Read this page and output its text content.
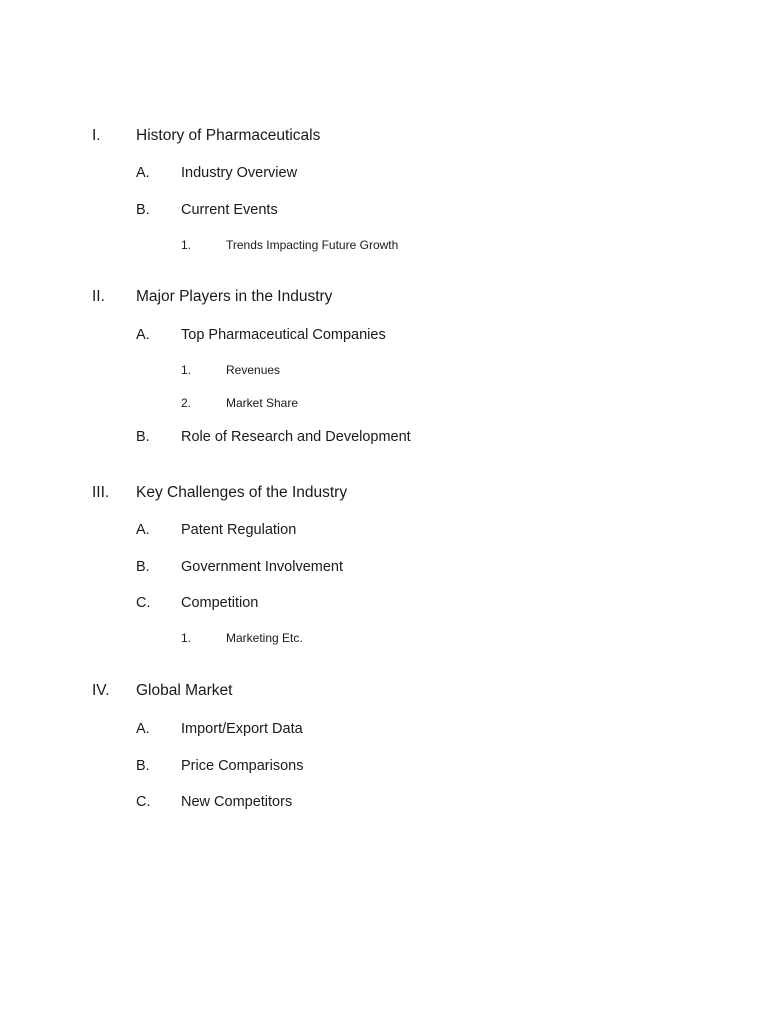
I. History of Pharmaceuticals
A. Industry Overview
B. Current Events
1.	Trends Impacting Future Growth
II. Major Players in the Industry
A. Top Pharmaceutical Companies
1.	Revenues
2.	Market Share
B. Role of Research and Development
III. Key Challenges of the Industry
A. Patent Regulation
B. Government Involvement
C. Competition
1.	Marketing Etc.
IV. Global Market
A. Import/Export Data
B. Price Comparisons
C. New Competitors
